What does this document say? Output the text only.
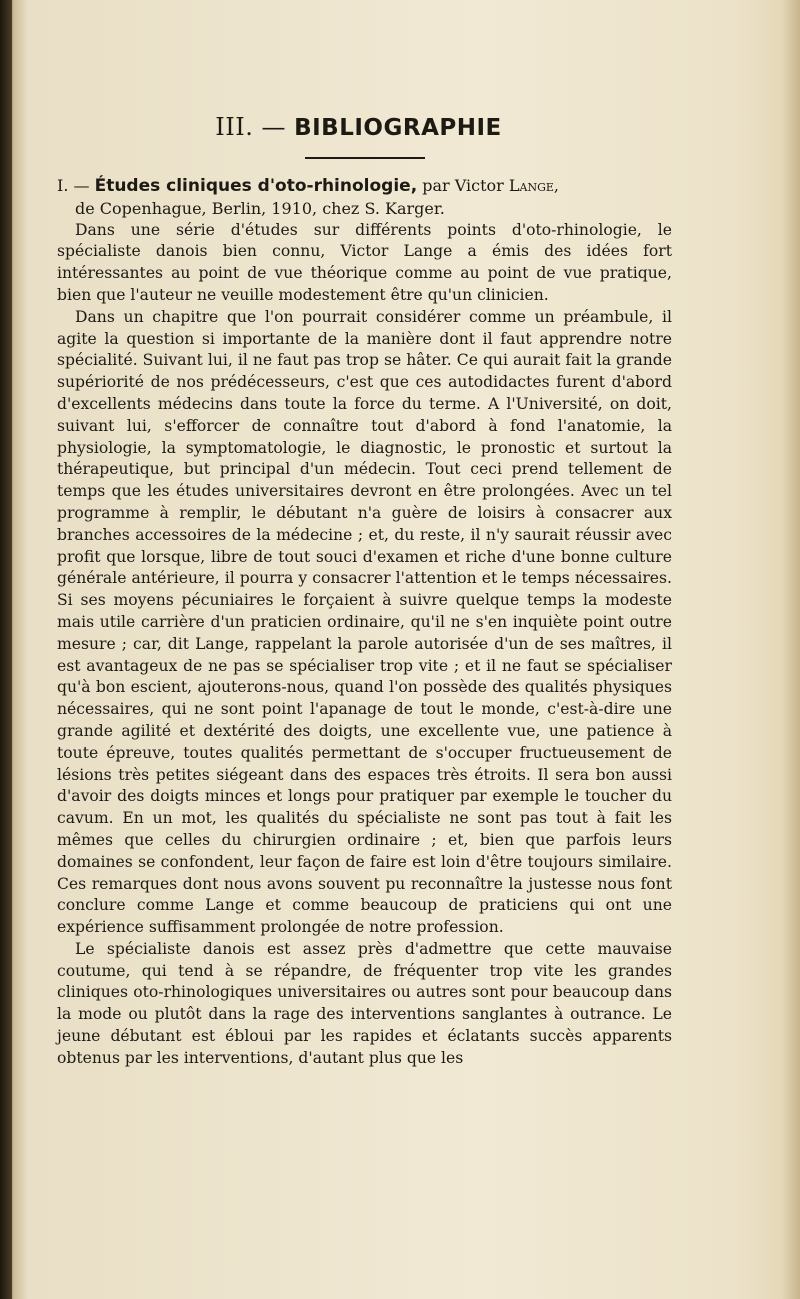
III. — BIBLIOGRAPHIE
I. — Études cliniques d'oto-rhinologie, par Victor Lange,
de Copenhague, Berlin, 1910, chez S. Karger.

Dans une série d'études sur différents points d'oto-rhinologie, le spécialiste danois bien connu, Victor Lange a émis des idées fort intéressantes au point de vue théorique comme au point de vue pratique, bien que l'auteur ne veuille modestement être qu'un clinicien.

Dans un chapitre que l'on pourrait considérer comme un préambule, il agite la question si importante de la manière dont il faut apprendre notre spécialité. Suivant lui, il ne faut pas trop se hâter. Ce qui aurait fait la grande supériorité de nos prédécesseurs, c'est que ces autodidactes furent d'abord d'excellents médecins dans toute la force du terme. A l'Université, on doit, suivant lui, s'efforcer de connaître tout d'abord à fond l'anatomie, la physiologie, la symptomatologie, le diagnostic, le pronostic et surtout la thérapeutique, but principal d'un médecin. Tout ceci prend tellement de temps que les études universitaires devront en être prolongées. Avec un tel programme à remplir, le débutant n'a guère de loisirs à consacrer aux branches accessoires de la médecine ; et, du reste, il n'y saurait réussir avec profit que lorsque, libre de tout souci d'examen et riche d'une bonne culture générale antérieure, il pourra y consacrer l'attention et le temps nécessaires. Si ses moyens pécuniaires le forçaient à suivre quelque temps la modeste mais utile carrière d'un praticien ordinaire, qu'il ne s'en inquiète point outre mesure ; car, dit Lange, rappelant la parole autorisée d'un de ses maîtres, il est avantageux de ne pas se spécialiser trop vite ; et il ne faut se spécialiser qu'à bon escient, ajouterons-nous, quand l'on possède des qualités physiques nécessaires, qui ne sont point l'apanage de tout le monde, c'est-à-dire une grande agilité et dextérité des doigts, une excellente vue, une patience à toute épreuve, toutes qualités permettant de s'occuper fructueusement de lésions très petites siégeant dans des espaces très étroits. Il sera bon aussi d'avoir des doigts minces et longs pour pratiquer par exemple le toucher du cavum. En un mot, les qualités du spécialiste ne sont pas tout à fait les mêmes que celles du chirurgien ordinaire ; et, bien que parfois leurs domaines se confondent, leur façon de faire est loin d'être toujours similaire. Ces remarques dont nous avons souvent pu reconnaître la justesse nous font conclure comme Lange et comme beaucoup de praticiens qui ont une expérience suffisamment prolongée de notre profession.

Le spécialiste danois est assez près d'admettre que cette mauvaise coutume, qui tend à se répandre, de fréquenter trop vite les grandes cliniques oto-rhinologiques universitaires ou autres sont pour beaucoup dans la mode ou plutôt dans la rage des interventions sanglantes à outrance. Le jeune débutant est ébloui par les rapides et éclatants succès apparents obtenus par les interventions, d'autant plus que les
